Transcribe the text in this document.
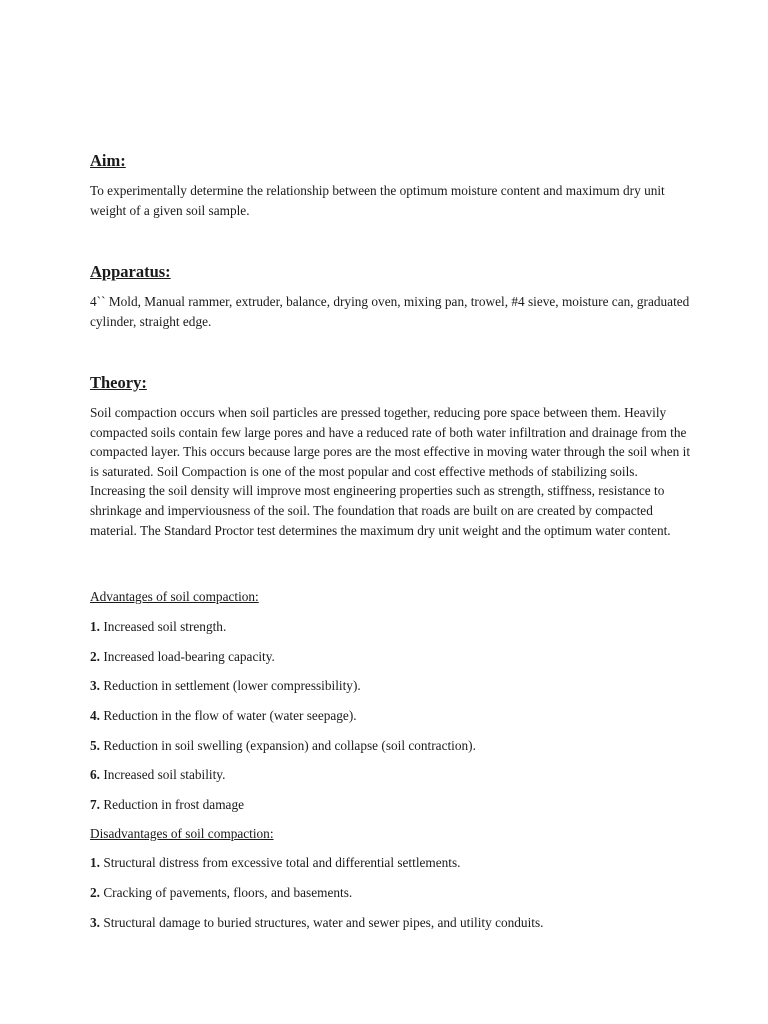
Aim:

To experimentally determine the relationship between the optimum moisture content and maximum dry unit weight of a given soil sample.

Apparatus:

4`` Mold, Manual rammer, extruder, balance, drying oven, mixing pan, trowel, #4 sieve, moisture can, graduated cylinder, straight edge.

Theory:

Soil compaction occurs when soil particles are pressed together, reducing pore space between them. Heavily compacted soils contain few large pores and have a reduced rate of both water infiltration and drainage from the compacted layer. This occurs because large pores are the most effective in moving water through the soil when it is saturated. Soil Compaction is one of the most popular and cost effective methods of stabilizing soils. Increasing the soil density will improve most engineering properties such as strength, stiffness, resistance to shrinkage and imperviousness of the soil. The foundation that roads are built on are created by compacted material. The Standard Proctor test determines the maximum dry unit weight and the optimum water content.

Advantages of soil compaction:

1. Increased soil strength.

2. Increased load-bearing capacity.

3. Reduction in settlement (lower compressibility).

4. Reduction in the flow of water (water seepage).

5. Reduction in soil swelling (expansion) and collapse (soil contraction).

6. Increased soil stability.

7. Reduction in frost damage

Disadvantages of soil compaction:

1. Structural distress from excessive total and differential settlements.

2. Cracking of pavements, floors, and basements.

3. Structural damage to buried structures, water and sewer pipes, and utility conduits.
